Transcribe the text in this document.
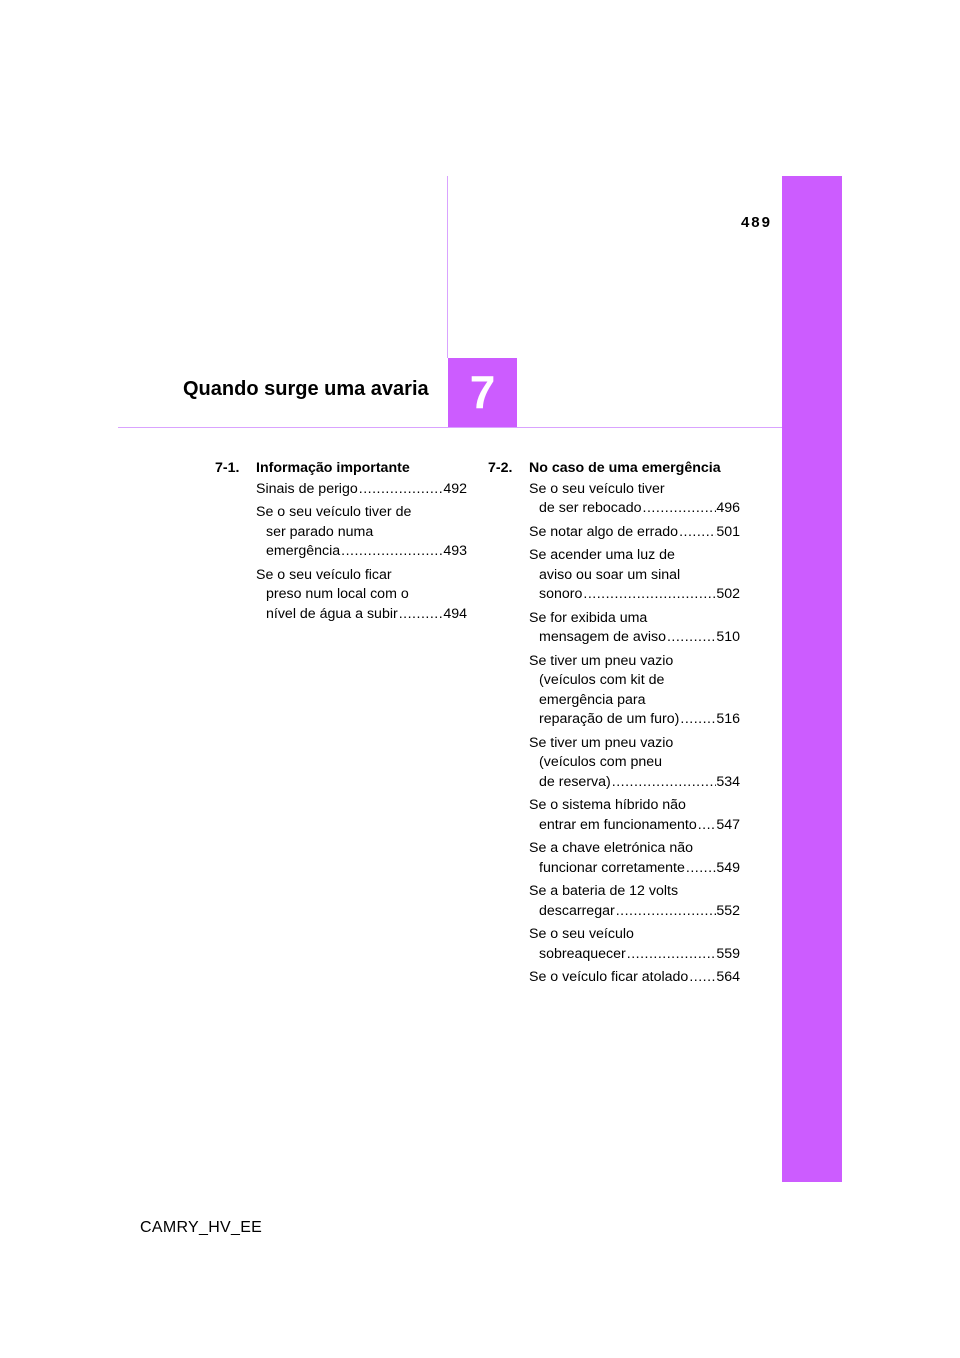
489
Quando surge uma avaria 7
7-1.	Informação importante
Sinais de perigo .....	492
Se o seu veículo tiver de
ser parado numa
emergência .....	493
Se o seu veículo ficar
preso num local com o
nível de água a subir .....	494
7-2.	No caso de uma emergência
Se o seu veículo tiver
de ser rebocado .....	496
Se notar algo de errado .....	501
Se acender uma luz de
aviso ou soar um sinal
sonoro .....	502
Se for exibida uma
mensagem de aviso .....	510
Se tiver um pneu vazio
(veículos com kit de
emergência para
reparação de um furo) .....	516
Se tiver um pneu vazio
(veículos com pneu
de reserva) .....	534
Se o sistema híbrido não
entrar em funcionamento ..... 547
Se a chave eletrónica não
funcionar corretamente ..... 549
Se a bateria de 12 volts
descarregar .....	552
Se o seu veículo
sobreaquecer .....	559
Se o veículo ficar atolado ..... 564
CAMRY_HV_EE
